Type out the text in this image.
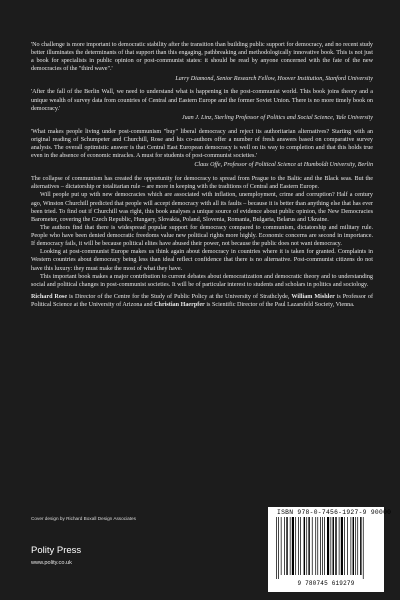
'No challenge is more important to democratic stability after the transition than building public support for democracy, and no recent study better illuminates the determinants of that support than this engaging, pathbreaking and methodologically innovative book. This is not just a book for specialists in public opinion or post-communist states: it should be read by anyone concerned with the fate of the new democracies of the "third wave".'

Larry Diamond, Senior Research Fellow, Hoover Institution, Stanford University

'After the fall of the Berlin Wall, we need to understand what is happening in the post-communist world. This book joins theory and a unique wealth of survey data from countries of Central and Eastern Europe and the former Soviet Union. There is no more timely book on democracy.'

Juan J. Linz, Sterling Professor of Politics and Social Science, Yale University

'What makes people living under post-communism "buy" liberal democracy and reject its authoritarian alternatives? Starting with an original reading of Schumpeter and Churchill, Rose and his co-authors offer a number of fresh answers based on comparative survey analysis. The overall optimistic answer is that Central East European democracy is well on its way to completion and that this holds true even in the absence of economic miracles. A must for students of post-communist societies.'

Claus Offe, Professor of Political Science at Humboldt University, Berlin

The collapse of communism has created the opportunity for democracy to spread from Prague to the Baltic and the Black seas. But the alternatives – dictatorship or totalitarian rule – are more in keeping with the traditions of Central and Eastern Europe.

Will people put up with new democracies which are associated with inflation, unemployment, crime and corruption? Half a century ago, Winston Churchill predicted that people will accept democracy with all its faults – because it is better than anything else that has ever been tried. To find out if Churchill was right, this book analyses a unique source of evidence about public opinion, the New Democracies Barometer, covering the Czech Republic, Hungary, Slovakia, Poland, Slovenia, Romania, Bulgaria, Belarus and Ukraine.

The authors find that there is widespread popular support for democracy compared to communism, dictatorship and military rule. People who have been denied democratic freedoms value new political rights more highly. Economic concerns are second in importance. If democracy fails, it will be because political elites have abused their power, not because the public does not want democracy.

Looking at post-communist Europe makes us think again about democracy in countries where it is taken for granted. Complaints in Western countries about democracy being less than ideal reflect confidence that there is no alternative. Post-communist citizens do not have this luxury: they must make the most of what they have.

This important book makes a major contribution to current debates about democratization and democratic theory and to understanding social and political changes in post-communist societies. It will be of particular interest to students and scholars in politics and sociology.

Richard Rose is Director of the Centre for the Study of Public Policy at the University of Strathclyde, William Mishler is Professor of Political Science at the University of Arizona and Christian Haerpfer is Scientific Director of the Paul Lazarsfeld Society, Vienna.

Cover design by Richard Boxall Design Associates
Polity Press
www.polity.co.uk
ISBN 978-0-7456-1927-9 90000
9 780745 619279
